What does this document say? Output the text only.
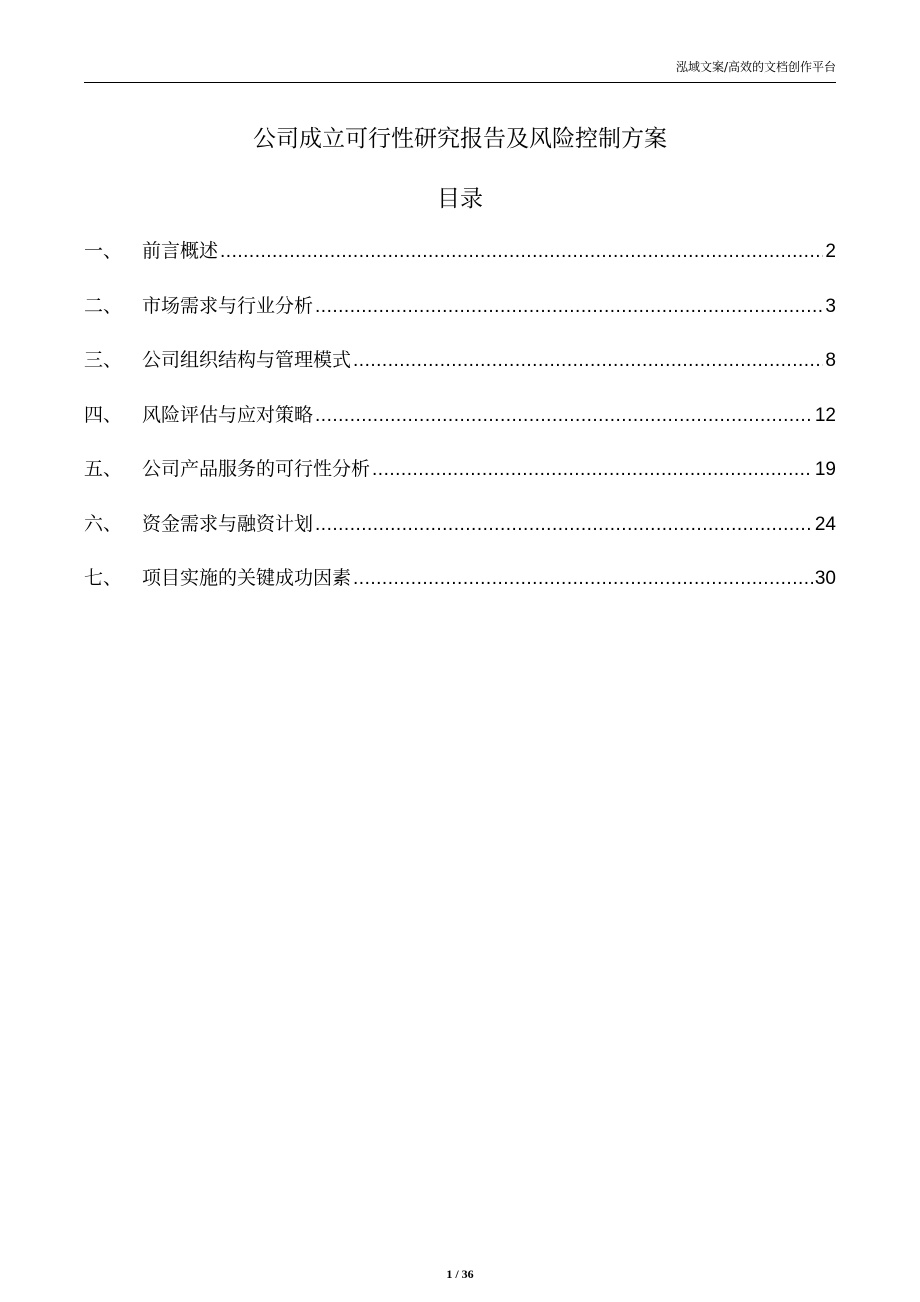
泓域文案/高效的文档创作平台
公司成立可行性研究报告及风险控制方案
目录
一、	前言概述 .....	2
二、	市场需求与行业分析 .....	3
三、	公司组织结构与管理模式 .....	8
四、	风险评估与应对策略 .....	12
五、	公司产品服务的可行性分析 .....	19
六、	资金需求与融资计划 .....	24
七、	项目实施的关键成功因素 .....	30
1 / 36
